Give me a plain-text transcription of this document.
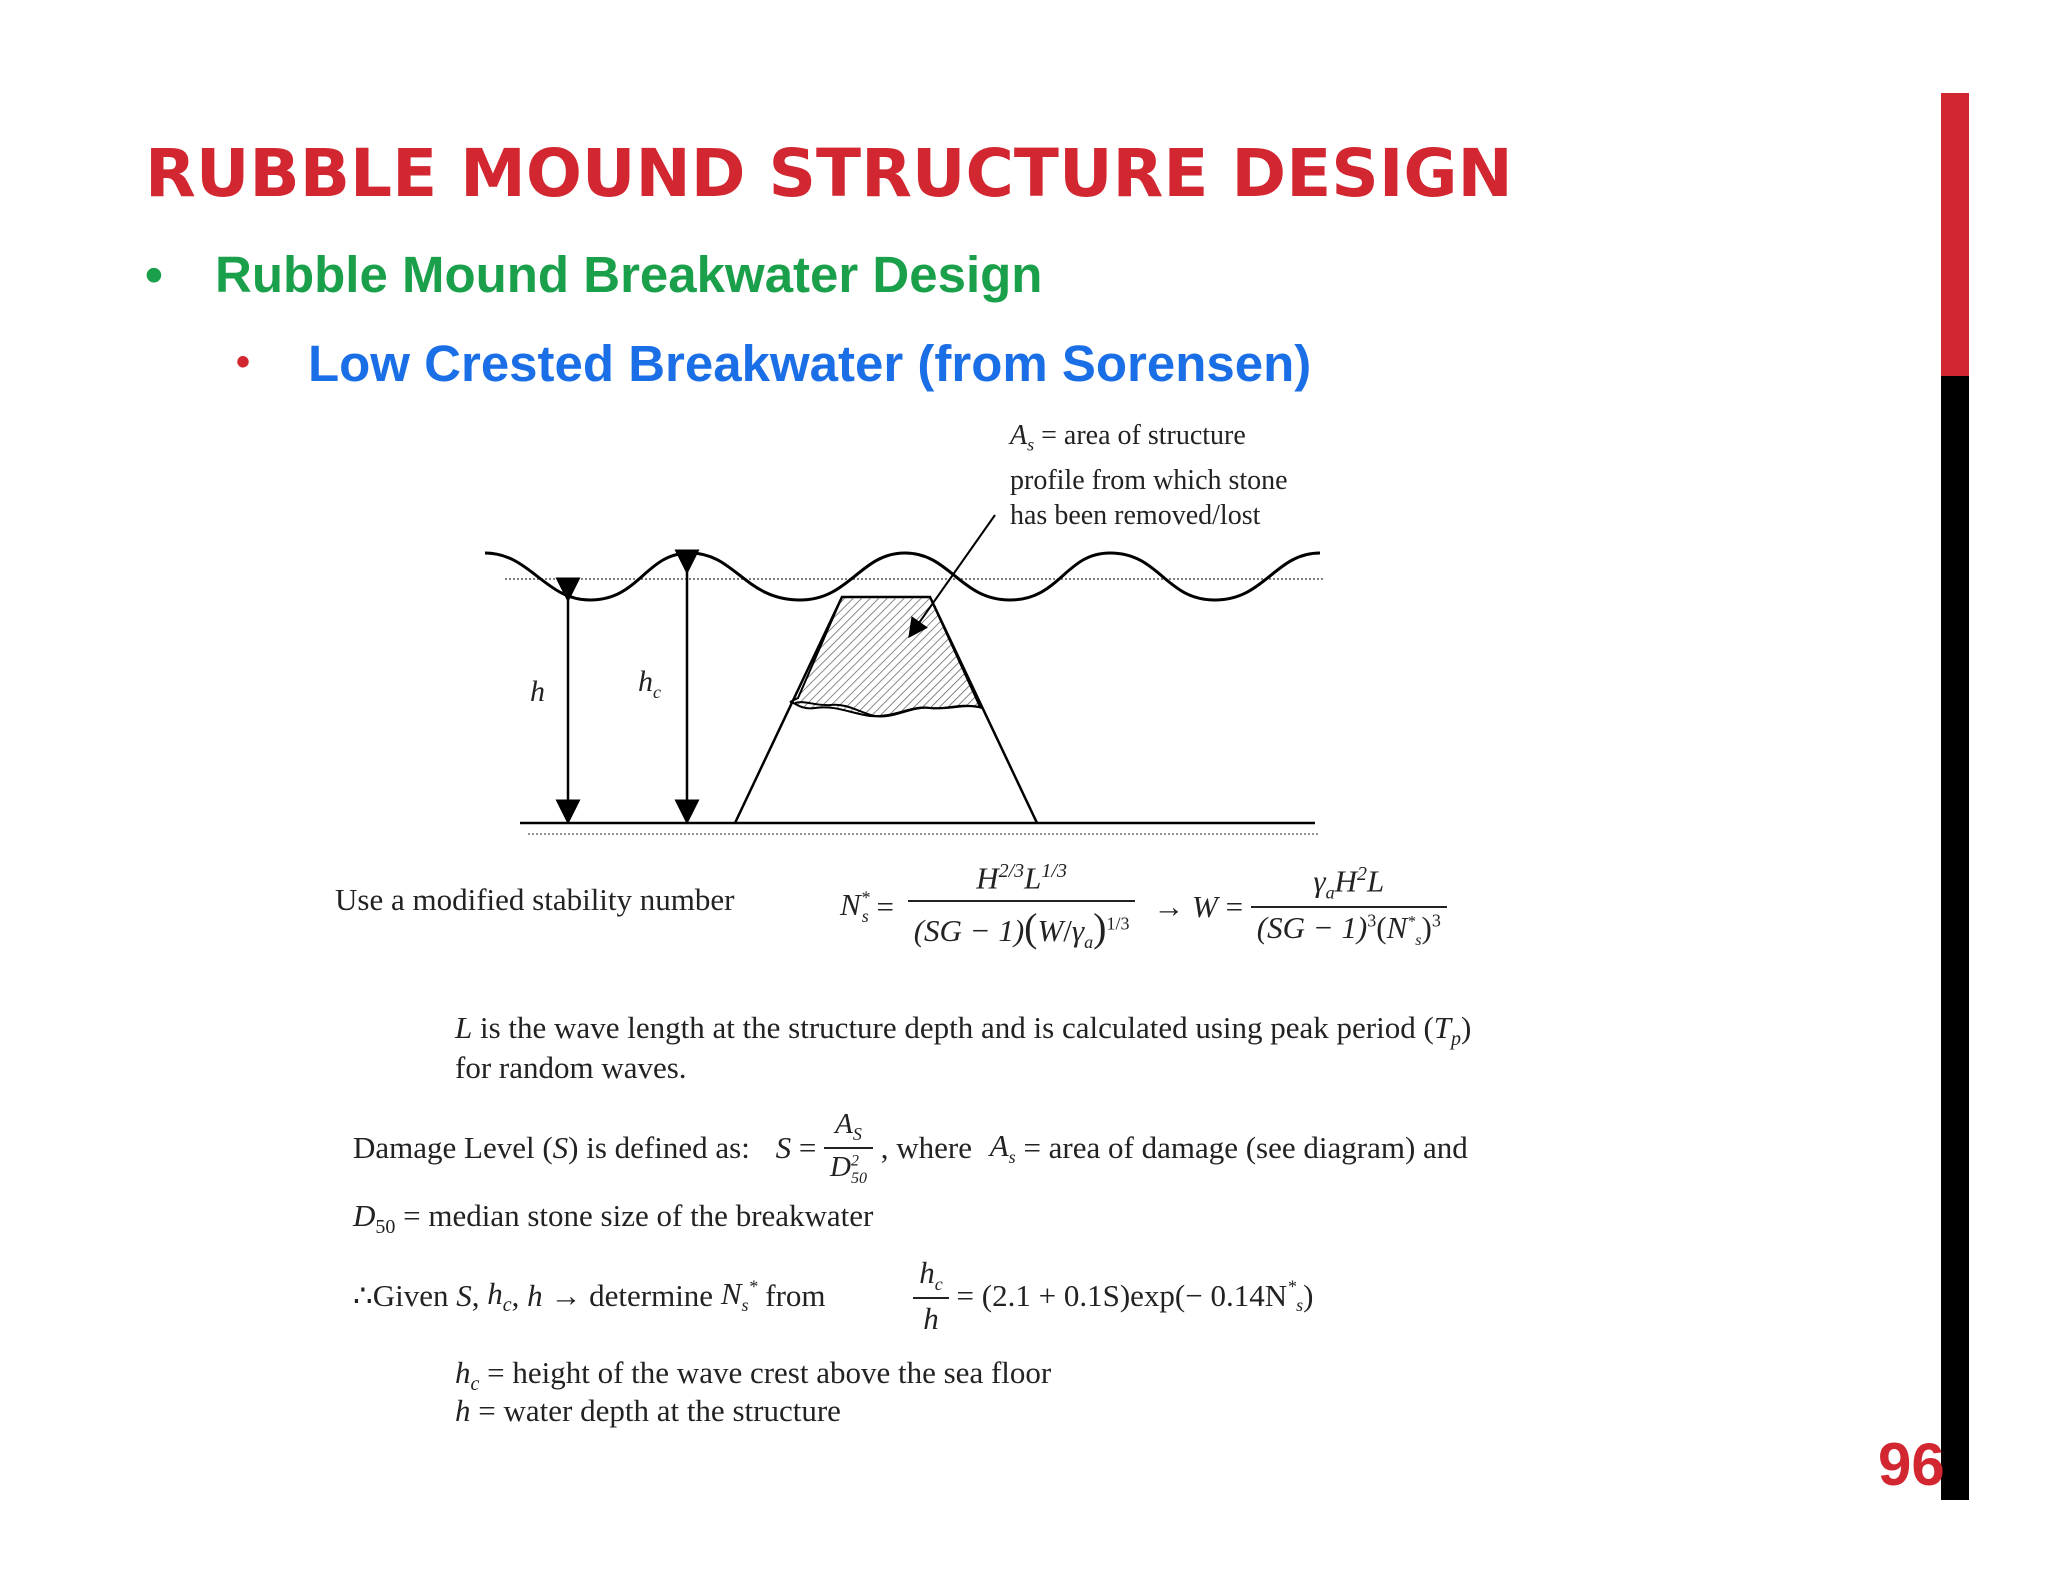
96
RUBBLE MOUND STRUCTURE DESIGN
• Rubble Mound Breakwater Design
• Low Crested Breakwater (from Sorensen)
$A_s$ = area of structure
profile from which stone
has been removed/lost
h	$h_c$
Use a modified stability number	$N^*_s = \frac{H^{2/3}L^{1/3}}{(SG - 1)(W/\gamma_a)^{1/3}} \to W = \frac{\gamma_aH^2L}{(SG - 1)^3(N^*_s)^3}$
L is the wave length at the structure depth and is calculated using peak period $(T_p)$
for random waves.
Damage Level (S) is defined as: $S = \frac{A_S}{D^2_{50}}$ , where $A_s$ = area of damage (see diagram) and
$D_{50}$ = median stone size of the breakwater
∴Given S, $h_c$, h → determine $N_s^*$ from	$\frac{h_c}{h} = (2.1 + 0.1S)\exp(- 0.14N^*_s)$
$h_c$ = height of the wave crest above the sea floor
h = water depth at the structure
